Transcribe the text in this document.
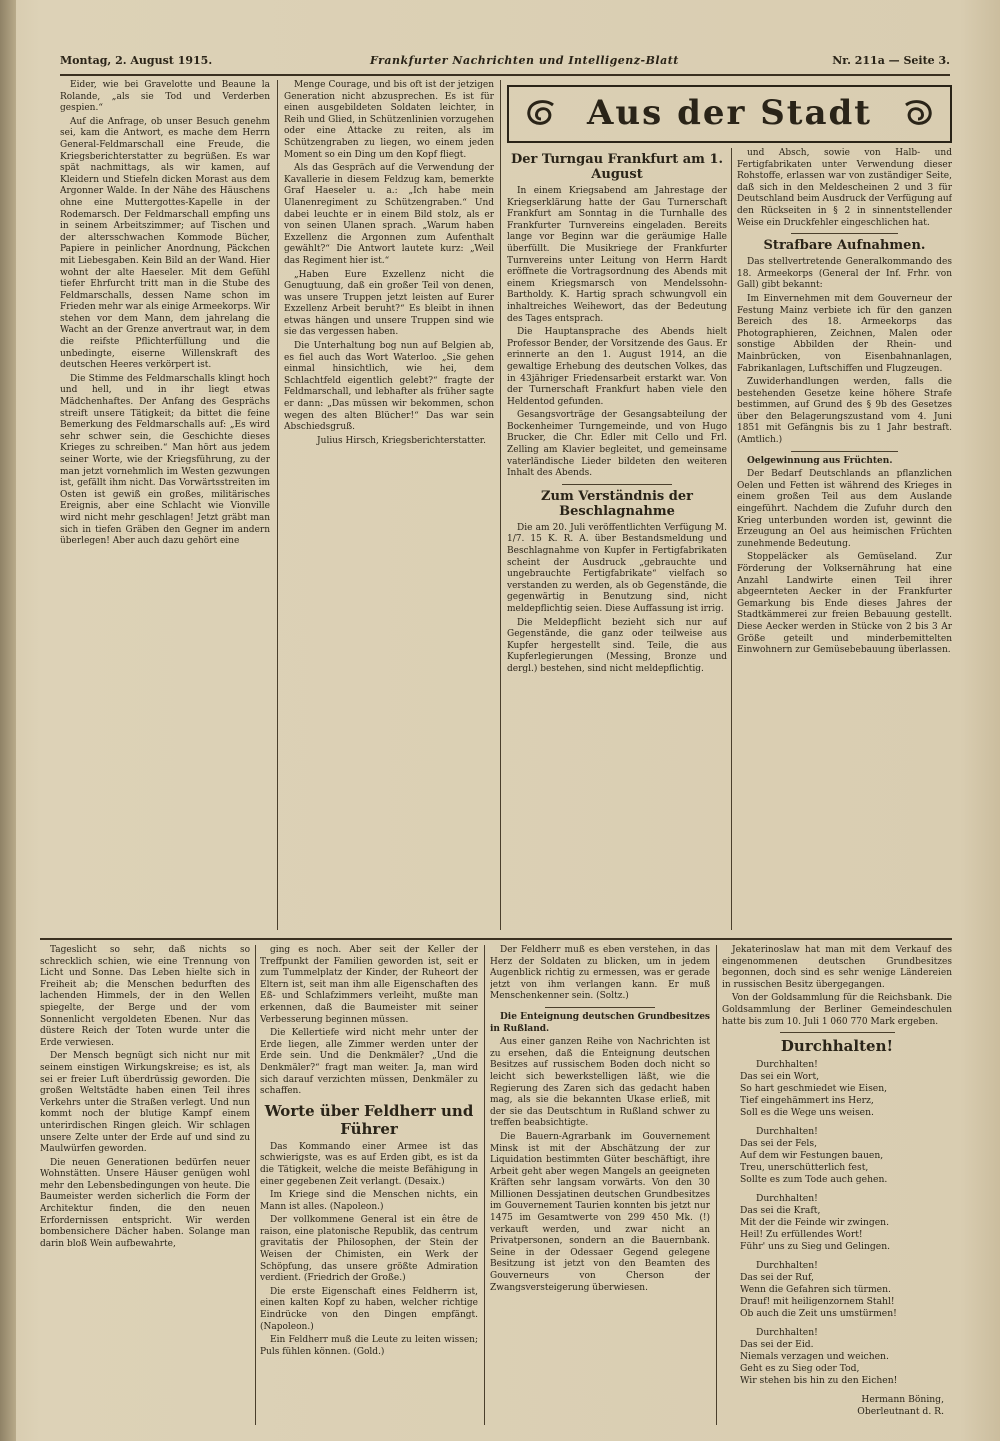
Montag, 2. August 1915.	Frankfurter Nachrichten und Intelligenz-Blatt	Nr. 211a — Seite 3.

Eider, wie bei Gravelotte und Beaune la Rolande, „als sie Tod und Verderben gespien.“

Auf die Anfrage, ob unser Besuch genehm sei, kam die Antwort, es mache dem Herrn General-Feldmarschall eine Freude, die Kriegsberichterstatter zu begrüßen. Es war spät nachmittags, als wir kamen, auf Kleidern und Stiefeln dicken Morast aus dem Argonner Walde. In der Nähe des Häuschens ohne eine Muttergottes-Kapelle in der Rodemarsch. Der Feldmarschall empfing uns in seinem Arbeitszimmer; auf Tischen und der altersschwachen Kommode Bücher, Papiere in peinlicher Anordnung, Päckchen mit Liebesgaben. Kein Bild an der Wand. Hier wohnt der alte Haeseler. Mit dem Gefühl tiefer Ehrfurcht tritt man in die Stube des Feldmarschalls, dessen Name schon im Frieden mehr war als einige Armeekorps. Wir stehen vor dem Mann, dem jahrelang die Wacht an der Grenze anvertraut war, in dem die reifste Pflichterfüllung und die unbedingte, eiserne Willenskraft des deutschen Heeres verkörpert ist.

Die Stimme des Feldmarschalls klingt hoch und hell, und in ihr liegt etwas Mädchenhaftes. Der Anfang des Gesprächs streift unsere Tätigkeit; da bittet die feine Bemerkung des Feldmarschalls auf: „Es wird sehr schwer sein, die Geschichte dieses Krieges zu schreiben.“ Man hört aus jedem seiner Worte, wie der Kriegsführung, zu der man jetzt vornehmlich im Westen gezwungen ist, gefällt ihm nicht. Das Vorwärtsstreiten im Osten ist gewiß ein großes, militärisches Ereignis, aber eine Schlacht wie Vionville wird nicht mehr geschlagen! Jetzt gräbt man sich in tiefen Gräben den Gegner im andern überlegen! Aber auch dazu gehört eine

Menge Courage, und bis oft ist der jetzigen Generation nicht abzusprechen. Es ist für einen ausgebildeten Soldaten leichter, in Reih und Glied, in Schützenlinien vorzugehen oder eine Attacke zu reiten, als im Schützengraben zu liegen, wo einem jeden Moment so ein Ding um den Kopf fliegt.

Als das Gespräch auf die Verwendung der Kavallerie in diesem Feldzug kam, bemerkte Graf Haeseler u. a.: „Ich habe mein Ulanenregiment zu Schützengraben.“ Und dabei leuchte er in einem Bild stolz, als er von seinen Ulanen sprach. „Warum haben Exzellenz die Argonnen zum Aufenthalt gewählt?“ Die Antwort lautete kurz: „Weil das Regiment hier ist.“

„Haben Eure Exzellenz nicht die Genugtuung, daß ein großer Teil von denen, was unsere Truppen jetzt leisten auf Eurer Exzellenz Arbeit beruht?“ Es bleibt in ihnen etwas hängen und unsere Truppen sind wie sie das vergessen haben.

Die Unterhaltung bog nun auf Belgien ab, es fiel auch das Wort Waterloo. „Sie gehen einmal hinsichtlich, wie hei, dem Schlachtfeld eigentlich gelebt?“ fragte der Feldmarschall, und lebhafter als früher sagte er dann: „Das müssen wir bekommen, schon wegen des alten Blücher!“ Das war sein Abschiedsgruß.

Julius Hirsch, Kriegsberichterstatter.

Aus der Stadt
Der Turngau Frankfurt am 1. August

In einem Kriegsabend am Jahrestage der Kriegserklärung hatte der Gau Turnerschaft Frankfurt am Sonntag in die Turnhalle des Frankfurter Turnvereins eingeladen. Bereits lange vor Beginn war die geräumige Halle überfüllt. Die Musikriege der Frankfurter Turnvereins unter Leitung von Herrn Hardt eröffnete die Vortragsordnung des Abends mit einem Kriegsmarsch von Mendelssohn-Bartholdy. K. Hartig sprach schwungvoll ein inhaltreiches Weihewort, das der Bedeutung des Tages entsprach.

Die Hauptansprache des Abends hielt Professor Bender, der Vorsitzende des Gaus. Er erinnerte an den 1. August 1914, an die gewaltige Erhebung des deutschen Volkes, das in 43jähriger Friedensarbeit erstarkt war. Von der Turnerschaft Frankfurt haben viele den Heldentod gefunden.

Gesangsvorträge der Gesangsabteilung der Bockenheimer Turngemeinde, und von Hugo Brucker, die Chr. Edler mit Cello und Frl. Zelling am Klavier begleitet, und gemeinsame vaterländische Lieder bildeten den weiteren Inhalt des Abends.

Zum Verständnis der Beschlagnahme

Die am 20. Juli veröffentlichten Verfügung M. 1/7. 15 K. R. A. über Bestandsmeldung und Beschlagnahme von Kupfer in Fertigfabrikaten scheint der Ausdruck „gebrauchte und ungebrauchte Fertigfabrikate“ vielfach so verstanden zu werden, als ob Gegenstände, die gegenwärtig in Benutzung sind, nicht meldepflichtig seien. Diese Auffassung ist irrig.

Die Meldepflicht bezieht sich nur auf Gegenstände, die ganz oder teilweise aus Kupfer hergestellt sind. Teile, die aus Kupferlegierungen (Messing, Bronze und dergl.) bestehen, sind nicht meldepflichtig.

und Absch, sowie von Halb- und Fertigfabrikaten unter Verwendung dieser Rohstoffe, erlassen war von zuständiger Seite, daß sich in den Meldescheinen 2 und 3 für Deutschland beim Ausdruck der Verfügung auf den Rückseiten in § 2 in sinnentstellender Weise ein Druckfehler eingeschlichen hat.

Strafbare Aufnahmen.

Das stellvertretende Generalkommando des 18. Armeekorps (General der Inf. Frhr. von Gall) gibt bekannt:

Im Einvernehmen mit dem Gouverneur der Festung Mainz verbiete ich für den ganzen Bereich des 18. Armeekorps das Photographieren, Zeichnen, Malen oder sonstige Abbilden der Rhein- und Mainbrücken, von Eisenbahnanlagen, Fabrikanlagen, Luftschiffen und Flugzeugen.

Zuwiderhandlungen werden, falls die bestehenden Gesetze keine höhere Strafe bestimmen, auf Grund des § 9b des Gesetzes über den Belagerungszustand vom 4. Juni 1851 mit Gefängnis bis zu 1 Jahr bestraft. (Amtlich.)

Oelgewinnung aus Früchten.

Der Bedarf Deutschlands an pflanzlichen Oelen und Fetten ist während des Krieges in einem großen Teil aus dem Auslande eingeführt. Nachdem die Zufuhr durch den Krieg unterbunden worden ist, gewinnt die Erzeugung an Oel aus heimischen Früchten zunehmende Bedeutung.

Stoppeläcker als Gemüseland. Zur Förderung der Volksernährung hat eine Anzahl Landwirte einen Teil ihrer abgeernteten Aecker in der Frankfurter Gemarkung bis Ende dieses Jahres der Stadtkämmerei zur freien Bebauung gestellt. Diese Aecker werden in Stücke von 2 bis 3 Ar Größe geteilt und minderbemittelten Einwohnern zur Gemüsebebauung überlassen.

Tageslicht so sehr, daß nichts so schrecklich schien, wie eine Trennung von Licht und Sonne. Das Leben hielte sich in Freiheit ab; die Menschen bedurften des lachenden Himmels, der in den Wellen spiegelte, der Berge und der vom Sonnenlicht vergoldeten Ebenen. Nur das düstere Reich der Toten wurde unter die Erde verwiesen.

Der Mensch begnügt sich nicht nur mit seinem einstigen Wirkungskreise; es ist, als sei er freier Luft überdrüssig geworden. Die großen Weltstädte haben einen Teil ihres Verkehrs unter die Straßen verlegt. Und nun kommt noch der blutige Kampf einem unterirdischen Ringen gleich. Wir schlagen unsere Zelte unter der Erde auf und sind zu Maulwürfen geworden.

Die neuen Generationen bedürfen neuer Wohnstätten. Unsere Häuser genügen wohl mehr den Lebensbedingungen von heute. Die Baumeister werden sicherlich die Form der Architektur finden, die den neuen Erfordernissen entspricht. Wir werden bombensichere Dächer haben. Solange man darin bloß Wein aufbewahrte,

ging es noch. Aber seit der Keller der Treffpunkt der Familien geworden ist, seit er zum Tummelplatz der Kinder, der Ruheort der Eltern ist, seit man ihm alle Eigenschaften des Eß- und Schlafzimmers verleiht, mußte man erkennen, daß die Baumeister mit seiner Verbesserung beginnen müssen.

Die Kellertiefe wird nicht mehr unter der Erde liegen, alle Zimmer werden unter der Erde sein. Und die Denkmäler? „Und die Denkmäler?“ fragt man weiter. Ja, man wird sich darauf verzichten müssen, Denkmäler zu schaffen.

Worte über Feldherr und Führer

Das Kommando einer Armee ist das schwierigste, was es auf Erden gibt, es ist da die Tätigkeit, welche die meiste Befähigung in einer gegebenen Zeit verlangt. (Desaix.)

Im Kriege sind die Menschen nichts, ein Mann ist alles. (Napoleon.)

Der vollkommene General ist ein être de raison, eine platonische Republik, das centrum gravitatis der Philosophen, der Stein der Weisen der Chimisten, ein Werk der Schöpfung, das unsere größte Admiration verdient. (Friedrich der Große.)

Die erste Eigenschaft eines Feldherrn ist, einen kalten Kopf zu haben, welcher richtige Eindrücke von den Dingen empfängt. (Napoleon.)

Ein Feldherr muß die Leute zu leiten wissen; Puls fühlen können. (Gold.)

Der Feldherr muß es eben verstehen, in das Herz der Soldaten zu blicken, um in jedem Augenblick richtig zu ermessen, was er gerade jetzt von ihm verlangen kann. Er muß Menschenkenner sein. (Soltz.)

Die Enteignung deutschen Grundbesitzes in Rußland.

Aus einer ganzen Reihe von Nachrichten ist zu ersehen, daß die Enteignung deutschen Besitzes auf russischem Boden doch nicht so leicht sich bewerkstelligen läßt, wie die Regierung des Zaren sich das gedacht haben mag, als sie die bekannten Ukase erließ, mit der sie das Deutschtum in Rußland schwer zu treffen beabsichtigte.

Die Bauern-Agrarbank im Gouvernement Minsk ist mit der Abschätzung der zur Liquidation bestimmten Güter beschäftigt, ihre Arbeit geht aber wegen Mangels an geeigneten Kräften sehr langsam vorwärts. Von den 30 Millionen Dessjatinen deutschen Grundbesitzes im Gouvernement Taurien konnten bis jetzt nur 1475 im Gesamtwerte von 299 450 Mk. (!) verkauft werden, und zwar nicht an Privatpersonen, sondern an die Bauernbank. Seine in der Odessaer Gegend gelegene Besitzung ist jetzt von den Beamten des Gouverneurs von Cherson der Zwangsversteigerung überwiesen.

Jekaterinoslaw hat man mit dem Verkauf des eingenommenen deutschen Grundbesitzes begonnen, doch sind es sehr wenige Ländereien in russischen Besitz übergegangen.

Von der Goldsammlung für die Reichsbank. Die Goldsammlung der Berliner Gemeindeschulen hatte bis zum 10. Juli 1 060 770 Mark ergeben.

Durchhalten!
Durchhalten!
Das sei ein Wort,
So hart geschmiedet wie Eisen,
Tief eingehämmert ins Herz,
Soll es die Wege uns weisen.
Durchhalten!
Das sei der Fels,
Auf dem wir Festungen bauen,
Treu, unerschütterlich fest,
Sollte es zum Tode auch gehen.
Durchhalten!
Das sei die Kraft,
Mit der die Feinde wir zwingen.
Heil! Zu erfüllendes Wort!
Führ' uns zu Sieg und Gelingen.
Durchhalten!
Das sei der Ruf,
Wenn die Gefahren sich türmen.
Drauf! mit heiligenzornem Stahl!
Ob auch die Zeit uns umstürmen!
Durchhalten!
Das sei der Eid.
Niemals verzagen und weichen.
Geht es zu Sieg oder Tod,
Wir stehen bis hin zu den Eichen!
Hermann Böning,
Oberleutnant d. R.
